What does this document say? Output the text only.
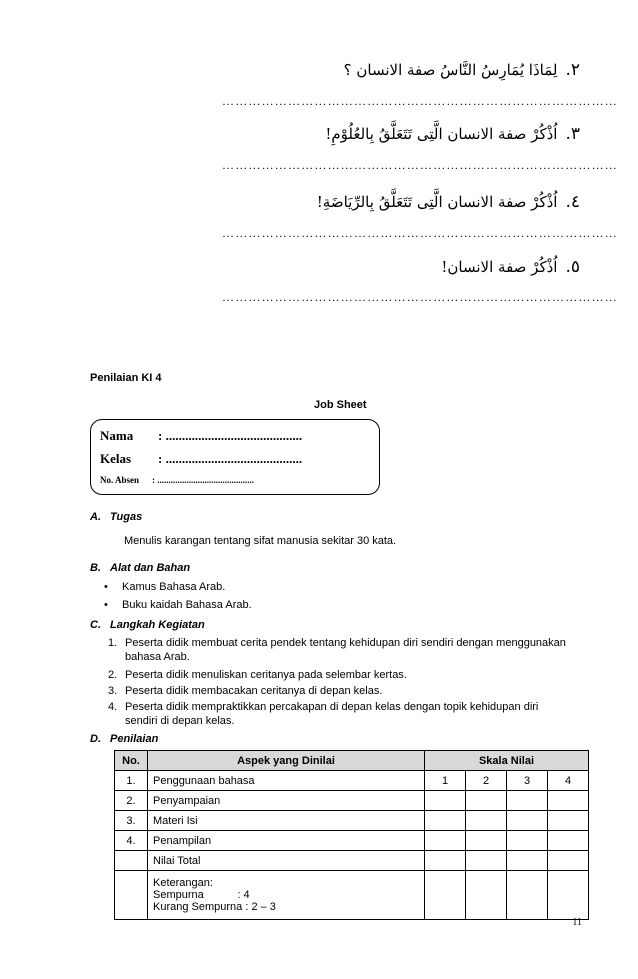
٢.لِمَاذَا يُمَارِسُ النَّاسُ صفة الانسان ؟
………………………………………………………………………………
٣.اُذْكُرْ صفة الانسان الَّتِى تَتَعَلَّقُ بِالعُلُوْمِ!
………………………………………………………………………………
٤.اُذْكُرْ صفة الانسان الَّتِى تَتَعَلَّقُ بِالرِّيَاضَةِ!
………………………………………………………………………………
٥.اُذْكُرْ صفة الانسان!
………………………………………………………………………………
Penilaian KI 4
Job Sheet
Nama : ..........................................
Kelas : ..........................................
No. Absen : ...........................................
A. Tugas
Menulis karangan tentang sifat manusia sekitar 30 kata.
B. Alat dan Bahan
• Kamus Bahasa Arab.
• Buku kaidah Bahasa Arab.
C. Langkah Kegiatan
1. Peserta didik membuat cerita pendek tentang kehidupan diri sendiri dengan menggunakan bahasa Arab.
2. Peserta didik menuliskan ceritanya pada selembar kertas.
3. Peserta didik membacakan ceritanya di depan kelas.
4. Peserta didik mempraktikkan percakapan di depan kelas dengan topik kehidupan diri sendiri di depan kelas.
D. Penilaian
No.	Aspek yang Dinilai	Skala Nilai			
1.	Penggunaan bahasa	1	2	3	4
2.	Penyampaian				
3.	Materi Isi				
4.	Penampilan				
	Nilai Total				

	Keterangan:
Sempurna           : 4
Kurang Sempurna : 2 – 3				

11
